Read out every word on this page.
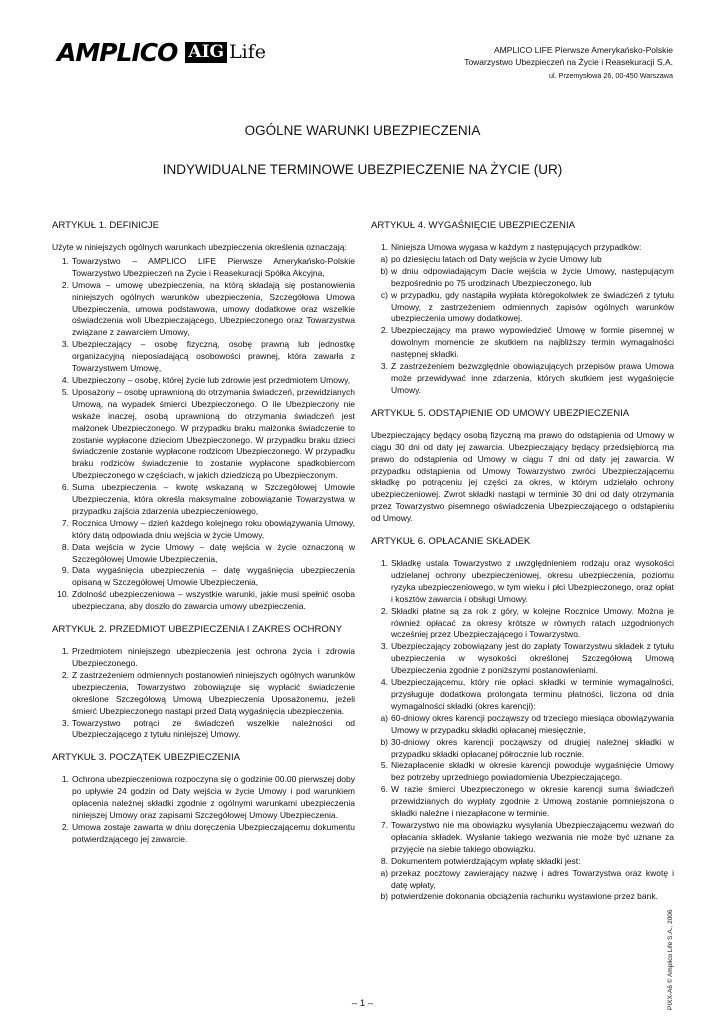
AMPLICO AIG Life	AMPLICO LIFE Pierwsze Amerykańsko-Polskie
Towarzystwo Ubezpieczeń na Życie i Reasekuracji S.A.
ul. Przemysłowa 26, 00-450 Warszawa
OGÓLNE WARUNKI UBEZPIECZENIA
INDYWIDUALNE TERMINOWE UBEZPIECZENIE NA ŻYCIE (UR)
ARTYKUŁ 1. DEFINICJE
Użyte w niniejszych ogólnych warunkach ubezpieczenia określenia oznaczają:
1. Towarzystwo – AMPLICO LIFE Pierwsze Amerykańsko-Polskie Towarzystwo Ubezpieczeń na Życie i Reasekuracji Spółka Akcyjna,
2. Umowa – umowę ubezpieczenia, na którą składają się postanowienia niniejszych ogólnych warunków ubezpieczenia, Szczegółowa Umowa Ubezpieczenia, umowa podstawowa, umowy dodatkowe oraz wszelkie oświadczenia woli Ubezpieczającego, Ubezpieczonego oraz Towarzystwa związane z zawarciem Umowy,
3. Ubezpieczający – osobę fizyczną, osobę prawną lub jednostkę organizacyjną nieposiadającą osobowości prawnej, która zawarła z Towarzystwem Umowę,
4. Ubezpieczony – osobę, której życie lub zdrowie jest przedmiotem Umowy,
5. Uposażony – osobę uprawnioną do otrzymania świadczeń, przewidzianych Umową, na wypadek śmierci Ubezpieczonego. O ile Ubezpieczony nie wskaże inaczej, osobą uprawnioną do otrzymania świadczeń jest małżonek Ubezpieczonego. W przypadku braku małżonka świadczenie to zostanie wypłacone dzieciom Ubezpieczonego. W przypadku braku dzieci świadczenie zostanie wypłacone rodzicom Ubezpieczonego. W przypadku braku rodziców świadczenie to zostanie wypłacone spadkobiercom Ubezpieczonego w częściach, w jakich dziedziczą po Ubezpieczonym.
6. Suma ubezpieczenia – kwotę wskazaną w Szczegółowej Umowie Ubezpieczenia, która określa maksymalne zobowiązanie Towarzystwa w przypadku zajścia zdarzenia ubezpieczeniowego,
7. Rocznica Umowy – dzień każdego kolejnego roku obowiązywania Umowy, który datą odpowiada dniu wejścia w życie Umowy,
8. Data wejścia w życie Umowy – datę wejścia w życie oznaczoną w Szczegółowej Umowie Ubezpieczenia,
9. Data wygaśnięcia ubezpieczenia – datę wygaśnięcia ubezpieczenia opisaną w Szczegółowej Umowie Ubezpieczenia,
10. Zdolność ubezpieczeniowa – wszystkie warunki, jakie musi spełnić osoba ubezpieczana, aby doszło do zawarcia umowy ubezpieczenia.
ARTYKUŁ 2. PRZEDMIOT UBEZPIECZENIA I ZAKRES OCHRONY
1. Przedmiotem niniejszego ubezpieczenia jest ochrona życia i zdrowia Ubezpieczonego.
2. Z zastrzeżeniem odmiennych postanowień niniejszych ogólnych warunków ubezpieczenia, Towarzystwo zobowiązuje się wypłacić świadczenie określone Szczegółową Umową Ubezpieczenia Uposażonemu, jeżeli śmierć Ubezpieczonego nastąpi przed Datą wygaśnięcia ubezpieczenia.
3. Towarzystwo potrąci ze świadczeń wszelkie należności od Ubezpieczającego z tytułu niniejszej Umowy.
ARTYKUŁ 3. POCZĄTEK UBEZPIECZENIA
1. Ochrona ubezpieczeniowa rozpoczyna się o godzinie 00.00 pierwszej doby po upływie 24 godzin od Daty wejścia w życie Umowy i pod warunkiem opłacenia należnej składki zgodnie z ogólnymi warunkami ubezpieczenia niniejszej Umowy oraz zapisami Szczegółowej Umowy Ubezpieczenia.
2. Umowa zostaje zawarta w dniu doręczenia Ubezpieczającemu dokumentu potwierdzającego jej zawarcie.
ARTYKUŁ 4. WYGAŚNIĘCIE UBEZPIECZENIA
1. Niniejsza Umowa wygasa w każdym z następujących przypadków:
a) po dziesięciu latach od Daty wejścia w życie Umowy lub
b) w dniu odpowiadającym Dacie wejścia w życie Umowy, następującym bezpośrednio po 75 urodzinach Ubezpieczonego, lub
c) w przypadku, gdy nastąpiła wypłata któregokolwiek ze świadczeń z tytułu Umowy, z zastrzeżeniem odmiennych zapisów ogólnych warunków ubezpieczenia umowy dodatkowej.
2. Ubezpieczający ma prawo wypowiedzieć Umowę w formie pisemnej w dowolnym momencie ze skutkiem na najbliższy termin wymagalności następnej składki.
3. Z zastrzeżeniem bezwzględnie obowiązujących przepisów prawa Umowa może przewidywać inne zdarzenia, których skutkiem jest wygaśnięcie Umowy.
ARTYKUŁ 5. ODSTĄPIENIE OD UMOWY UBEZPIECZENIA
Ubezpieczający będący osobą fizyczną ma prawo do odstąpienia od Umowy w ciągu 30 dni od daty jej zawarcia. Ubezpieczający będący przedsiębiorcą ma prawo do odstąpienia od Umowy w ciągu 7 dni od daty jej zawarcia. W przypadku odstąpienia od Umowy Towarzystwo zwróci Ubezpieczającemu składkę po potrąceniu jej części za okres, w którym udzielało ochrony ubezpieczeniowej. Zwrot składki nastąpi w terminie 30 dni od daty otrzymania przez Towarzystwo pisemnego oświadczenia Ubezpieczającego o odstąpieniu od Umowy.
ARTYKUŁ 6. OPŁACANIE SKŁADEK
1. Składkę ustala Towarzystwo z uwzględnieniem rodzaju oraz wysokości udzielanej ochrony ubezpieczeniowej, okresu ubezpieczenia, poziomu ryzyka ubezpieczeniowego, w tym wieku i płci Ubezpieczonego, oraz opłat i kosztów zawarcia i obsługi Umowy.
2. Składki płatne są za rok z góry, w kolejne Rocznice Umowy. Można je również opłacać za okresy krótsze w równych ratach uzgodnionych wcześniej przez Ubezpieczającego i Towarzystwo.
3. Ubezpieczający zobowiązany jest do zapłaty Towarzystwu składek z tytułu ubezpieczenia w wysokości określonej Szczegółową Umową Ubezpieczenia zgodnie z poniższymi postanowieniami.
4. Ubezpieczającemu, który nie opłaci składki w terminie wymagalności, przysługuje dodatkowa prolongata terminu płatności, liczona od dnia wymagalności składki (okres karencji):
a) 60-dniowy okres karencji począwszy od trzeciego miesiąca obowiązywania Umowy w przypadku składki opłacanej miesięcznie,
b) 30-dniowy okres karencji począwszy od drugiej należnej składki w przypadku składki opłacanej półrocznie lub rocznie.
5. Niezapłacenie składki w okresie karencji powoduje wygaśnięcie Umowy bez potrzeby uprzedniego powiadomienia Ubezpieczającego.
6. W razie śmierci Ubezpieczonego w okresie karencji suma świadczeń przewidzianych do wypłaty zgodnie z Umową zostanie pomniejszona o składki należne i niezapłacone w terminie.
7. Towarzystwo nie ma obowiązku wysyłania Ubezpieczającemu wezwań do opłacania składek. Wysłanie takiego wezwania nie może być uznane za przyjęcie na siebie takiego obowiązku.
8. Dokumentem potwierdzającym wpłatę składki jest:
a) przekaz pocztowy zawierający nazwę i adres Towarzystwa oraz kwotę i datę wpłaty,
b) potwierdzenie dokonania obciążenia rachunku wystawione przez bank.
– 1 –	PIXX-A6 © Amplico Life S.A., 2006
